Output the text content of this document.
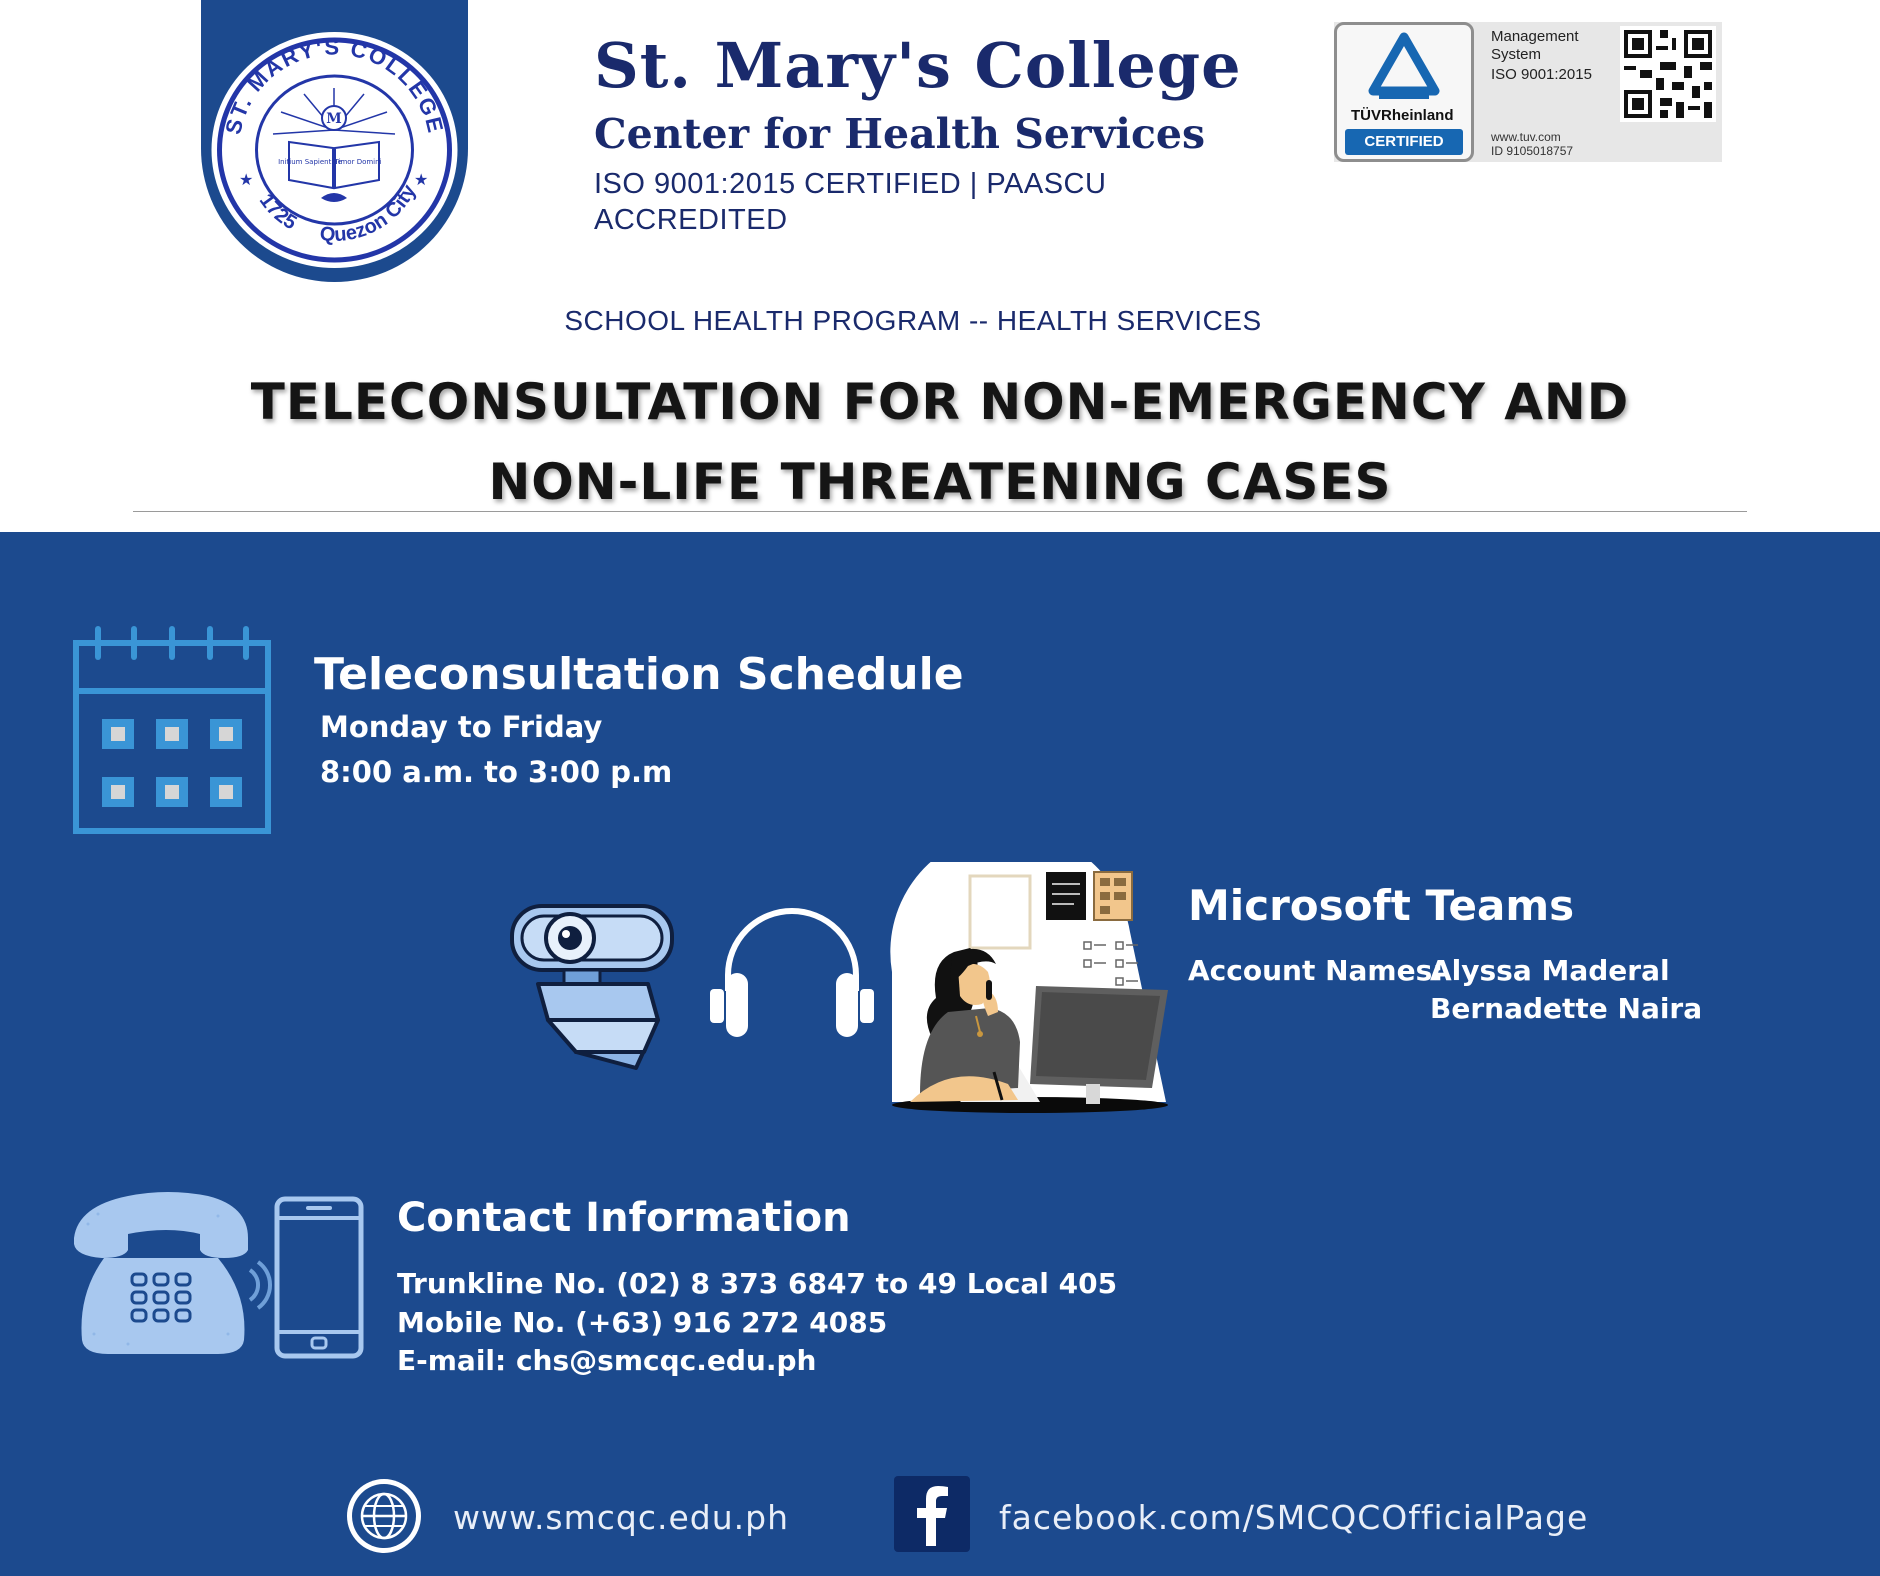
ST. MARY'S COLLEGE
1725
Quezon City
★	★
M
Initium Sapientiae
Timor Domini
St. Mary's College
Center for Health Services
ISO 9001:2015 CERTIFIED | PAASCU ACCREDITED
TÜVRheinland
CERTIFIED
Management System
ISO 9001:2015
www.tuv.com
ID 9105018757
SCHOOL HEALTH PROGRAM -- HEALTH SERVICES
TELECONSULTATION FOR NON-EMERGENCY AND
NON-LIFE THREATENING CASES
Teleconsultation Schedule
Monday to Friday
8:00 a.m. to 3:00 p.m
Microsoft Teams
Account Names:
Alyssa Maderal
Bernadette Naira
Contact Information
Trunkline No. (02) 8 373 6847 to 49 Local 405
Mobile No. (+63) 916 272 4085
E-mail: chs@smcqc.edu.ph
www.smcqc.edu.ph	facebook.com/SMCQCOfficialPage
